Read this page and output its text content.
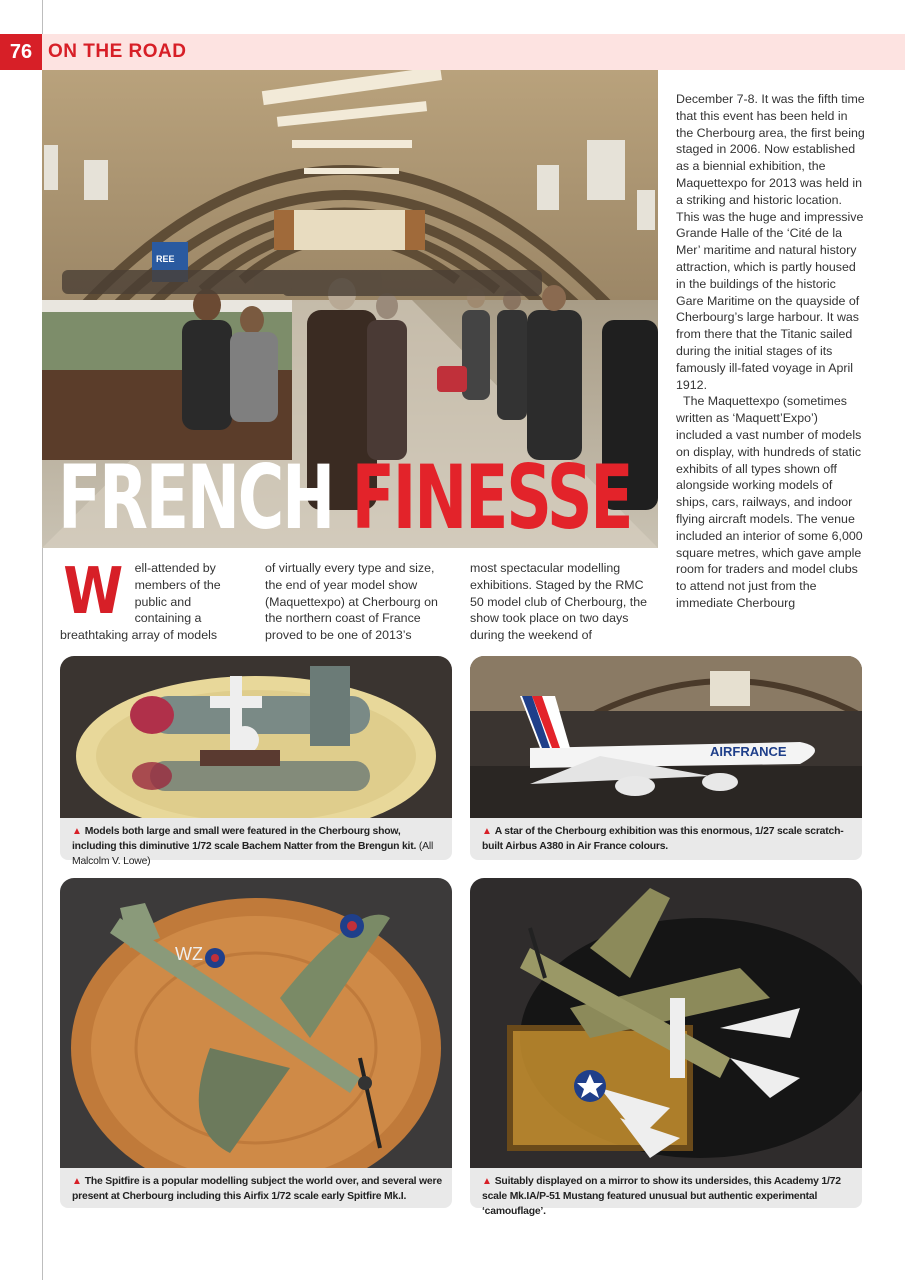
76 ON THE ROAD
REE
FRENCH FINESSE

December 7-8. It was the fifth time that this event has been held in the Cherbourg area, the first being staged in 2006. Now established as a biennial exhibition, the Maquettexpo for 2013 was held in a striking and historic location. This was the huge and impressive Grande Halle of the ‘Cité de la Mer’ maritime and natural history attraction, which is partly housed in the buildings of the historic Gare Maritime on the quayside of Cherbourg’s large harbour. It was from there that the Titanic sailed during the initial stages of its famously ill-fated voyage in April 1912.

The Maquettexpo (sometimes written as ‘Maquett’Expo’) included a vast number of models on display, with hundreds of static exhibits of all types shown off alongside working models of ships, cars, railways, and indoor flying aircraft models. The venue included an interior of some 6,000 square metres, which gave ample room for traders and model clubs to attend not just from the immediate Cherbourg

Well-attended by members of the public and containing a breathtaking array of models
of virtually every type and size, the end of year model show (Maquettexpo) at Cherbourg on the northern coast of France proved to be one of 2013’s
most spectacular modelling exhibitions. Staged by the RMC 50 model club of Cherbourg, the show took place on two days during the weekend of
▲ Models both large and small were featured in the Cherbourg show, including this diminutive 1/72 scale Bachem Natter from the Brengun kit. (All Malcolm V. Lowe)
AIRFRANCE
▲ A star of the Cherbourg exhibition was this enormous, 1/27 scale scratch-built Airbus A380 in Air France colours.
WZ
▲ The Spitfire is a popular modelling subject the world over, and several were present at Cherbourg including this Airfix 1/72 scale early Spitfire Mk.I.
▲ Suitably displayed on a mirror to show its undersides, this Academy 1/72 scale Mk.IA/P-51 Mustang featured unusual but authentic experimental ‘camouflage’.
